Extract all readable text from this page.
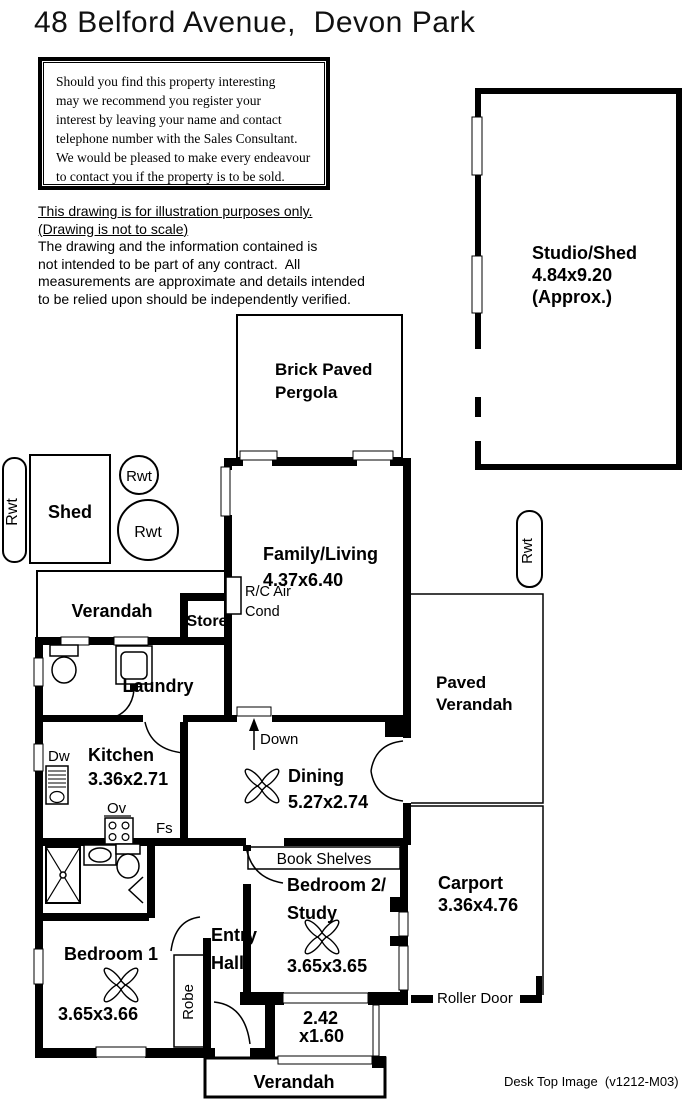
48 Belford Avenue,  Devon Park
Should you find this property interesting
may we recommend you register your
interest by leaving your name and contact
telephone number with the Sales Consultant.
We would be pleased to make every endeavour
to contact you if the property is to be sold.
This drawing is for illustration purposes only.
(Drawing is not to scale)
The drawing and the information contained is
not intended to be part of any contract.  All
measurements are approximate and details intended
to be relied upon should be independently verified.
Studio/Shed
4.84x9.20
(Approx.)
Brick Paved
Pergola
Shed
Rwt
Rwt
Rwt
Rwt
Family/Living
4.37x6.40
R/C Air
Cond
Verandah
Store
Laundry	Paved
Verandah
Dw Kitchen
3.36x2.71
Ov
Fs
Down
Dining
5.27x2.74
Book Shelves
Bedroom 2/
Study
3.65x3.65
Carport
3.36x4.76
Roller Door
Bedroom 1
3.65x3.66
Entry
Hall
Robe	2.42
x1.60
Verandah	Desk Top Image  (v1212-M03)
